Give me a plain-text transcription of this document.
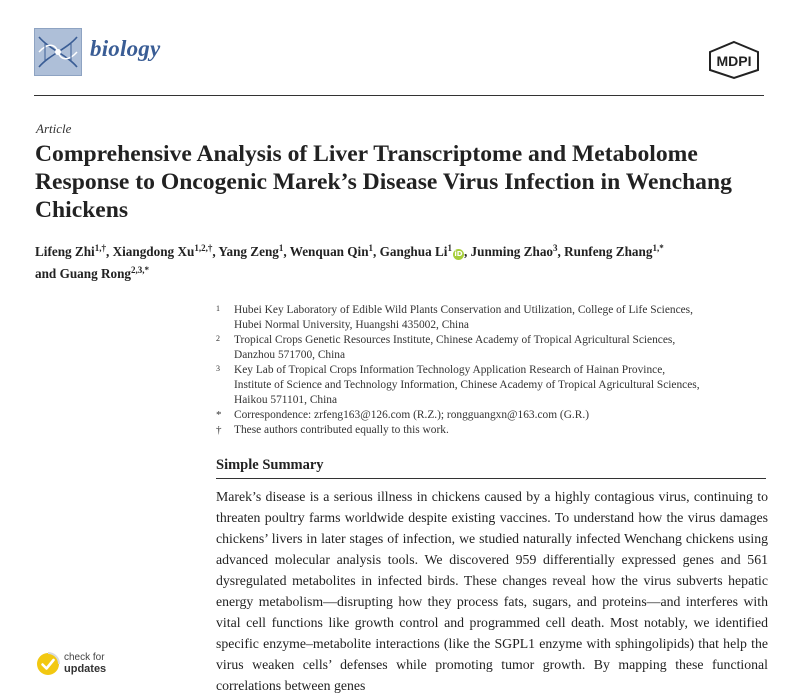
biology	MDPI
Article
Comprehensive Analysis of Liver Transcriptome and Metabolome Response to Oncogenic Marek’s Disease Virus Infection in Wenchang Chickens
Lifeng Zhi$^{1,\dagger}$, Xiangdong $Xu^{1,2,\dagger}$, Yang Zeng$^1$, Wenquan Qin$^1$, Ganghua Li$^1$iD, Junming Zhao$^3$, Runfeng Zhang$^{1,*}$
and Guang Rong$^{2,3,*}$
1 Hubei Key Laboratory of Edible Wild Plants Conservation and Utilization, College of Life Sciences,
Hubei Normal University, Huangshi 435002, China
2 Tropical Crops Genetic Resources Institute, Chinese Academy of Tropical Agricultural Sciences,
Danzhou 571700, China
3 Key Lab of Tropical Crops Information Technology Application Research of Hainan Province,
Institute of Science and Technology Information, Chinese Academy of Tropical Agricultural Sciences,
Haikou 571101, China
* Correspondence: zrfeng163@126.com (R.Z.); rongguangxn@163.com (G.R.)
† These authors contributed equally to this work.
Simple Summary

Marek’s disease is a serious illness in chickens caused by a highly contagious virus, continuing to threaten poultry farms worldwide despite existing vaccines. To understand how the virus damages chickens’ livers in later stages of infection, we studied naturally infected Wenchang chickens using advanced molecular analysis tools. We discovered 959 differentially expressed genes and 561 dysregulated metabolites in infected birds. These changes reveal how the virus subverts hepatic energy metabolism—disrupting how they process fats, sugars, and proteins—and interferes with vital cell functions like growth control and programmed cell death. Most notably, we identified specific enzyme–metabolite interactions (like the SGPL1 enzyme with sphingolipids) that help the virus weaken cells’ defenses while promoting tumor growth. By mapping these functional correlations between genes

check for
updates
